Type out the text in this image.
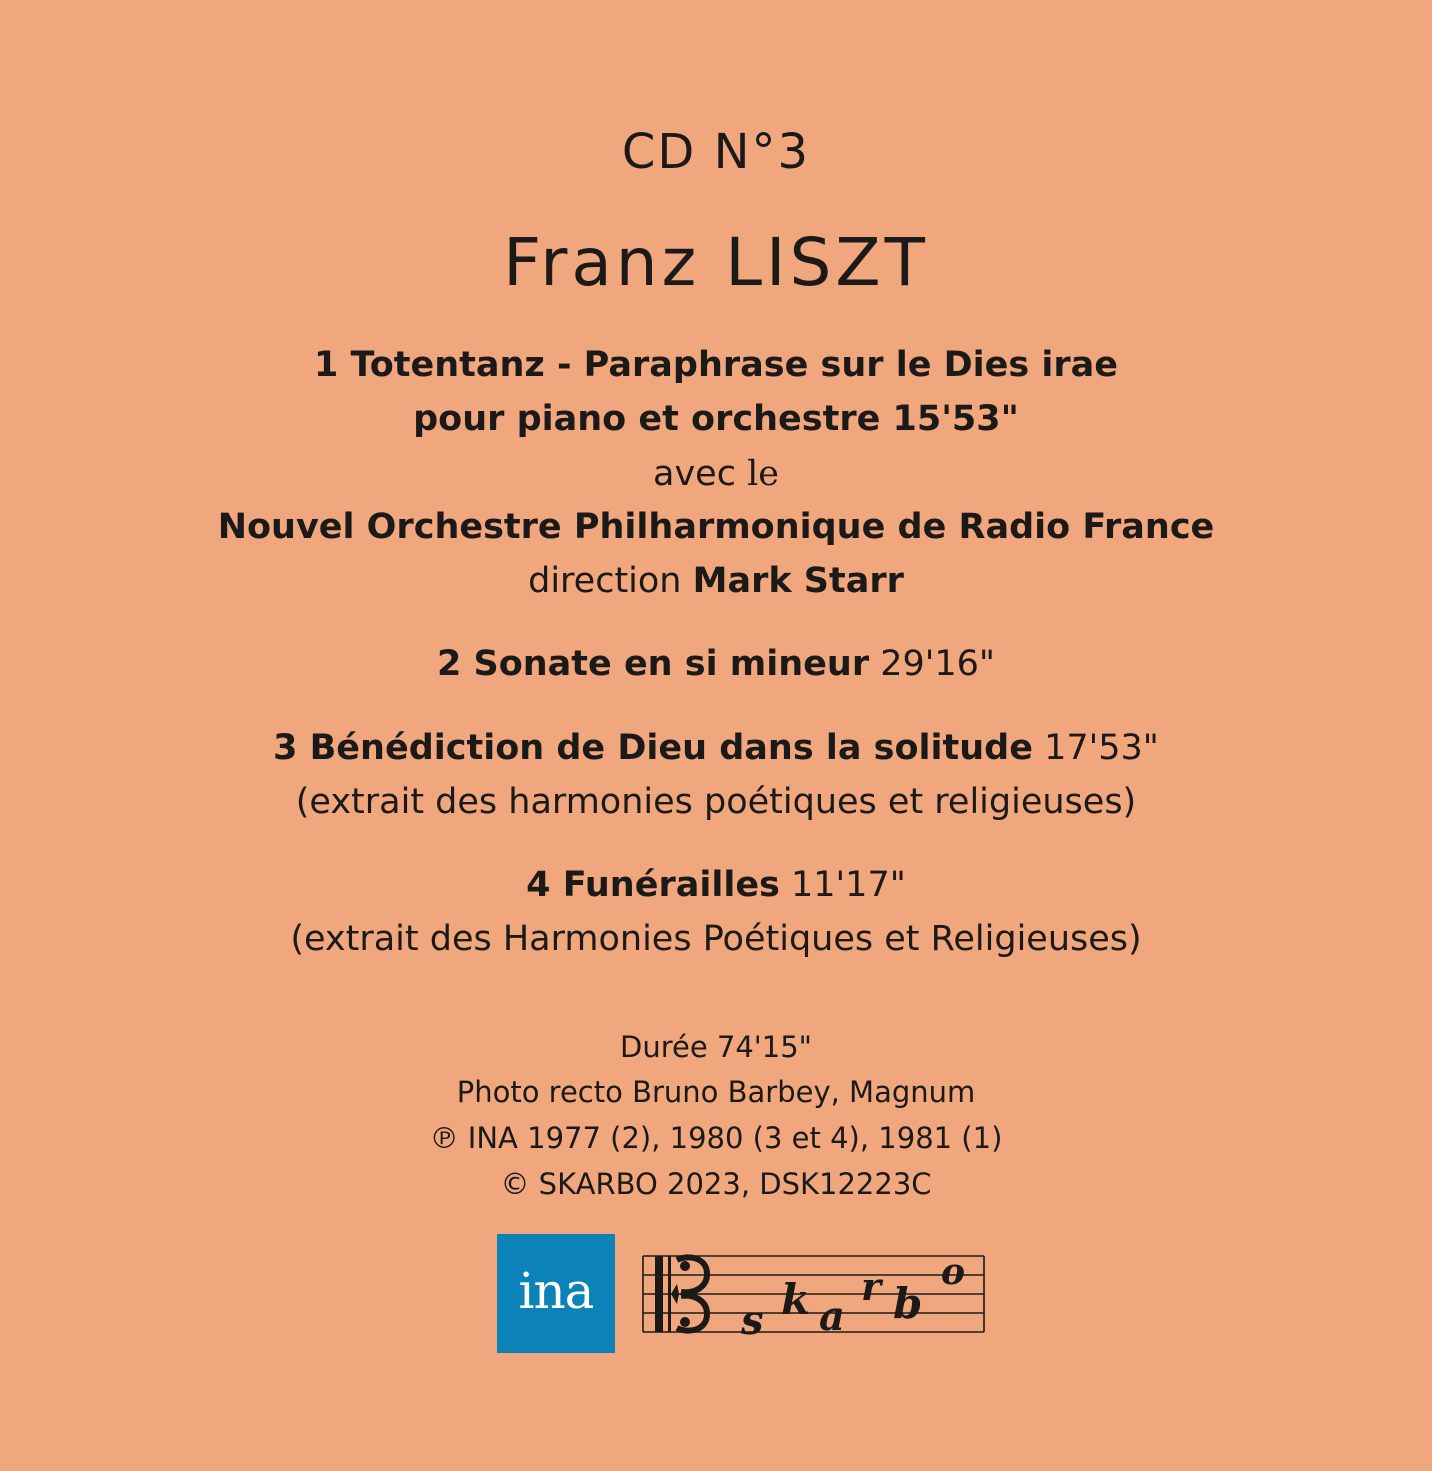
CD N°3
Franz LISZT
1 Totentanz - Paraphrase sur le Dies irae
pour piano et orchestre 15'53"
avec le
Nouvel Orchestre Philharmonique de Radio France
direction Mark Starr
2 Sonate en si mineur 29'16"
3 Bénédiction de Dieu dans la solitude 17'53"
(extrait des harmonies poétiques et religieuses)
4 Funérailles 11'17"
(extrait des Harmonies Poétiques et Religieuses)
Durée 74'15"
Photo recto Bruno Barbey, Magnum
℗ INA 1977 (2), 1980 (3 et 4), 1981 (1)
© SKARBO 2023, DSK12223C
ina
s k a
r b
o
